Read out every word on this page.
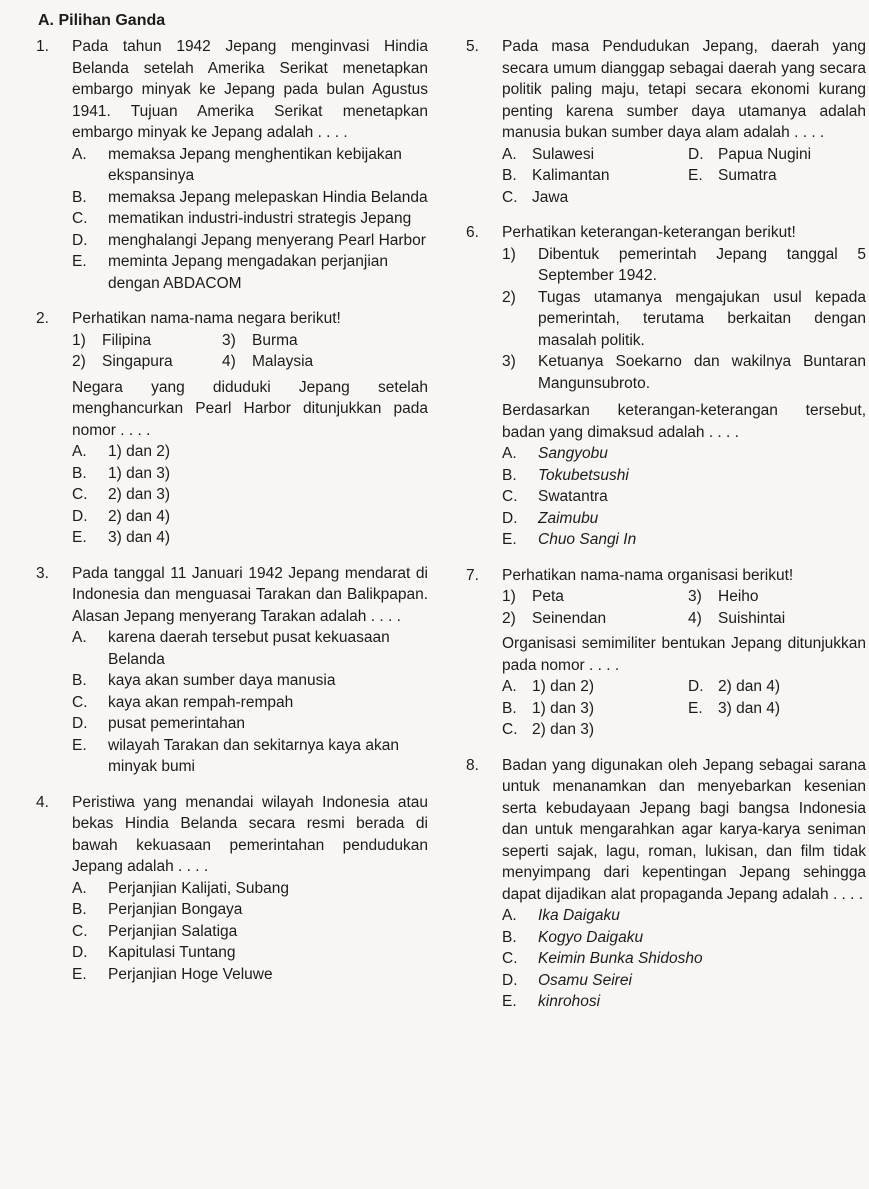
A. Pilihan Ganda
1.	Pada tahun 1942 Jepang menginvasi Hindia Belanda setelah Amerika Serikat menetapkan embargo minyak ke Jepang pada bulan Agustus 1941. Tujuan Amerika Serikat menetapkan embargo minyak ke Jepang adalah . . . .
A.	memaksa Jepang menghentikan kebijakan ekspansinya
B.	memaksa Jepang melepaskan Hindia Belanda
C.	mematikan industri-industri strategis Jepang
D.	menghalangi Jepang menyerang Pearl Harbor
E.	meminta Jepang mengadakan perjanjian dengan ABDACOM
2.	Perhatikan nama-nama negara berikut!
1)	Filipina	3)	Burma
2)	Singapura	4)	Malaysia
Negara yang diduduki Jepang setelah menghancurkan Pearl Harbor ditunjukkan pada nomor . . . .
A.	1) dan 2)
B.	1) dan 3)
C.	2) dan 3)
D.	2) dan 4)
E.	3) dan 4)
3.	Pada tanggal 11 Januari 1942 Jepang mendarat di Indonesia dan menguasai Tarakan dan Balikpapan. Alasan Jepang menyerang Tarakan adalah . . . .
A.	karena daerah tersebut pusat kekuasaan Belanda
B.	kaya akan sumber daya manusia
C.	kaya akan rempah-rempah
D.	pusat pemerintahan
E.	wilayah Tarakan dan sekitarnya kaya akan minyak bumi
4.	Peristiwa yang menandai wilayah Indonesia atau bekas Hindia Belanda secara resmi berada di bawah kekuasaan pemerintahan pendudukan Jepang adalah . . . .
A.	Perjanjian Kalijati, Subang
B.	Perjanjian Bongaya
C.	Perjanjian Salatiga
D.	Kapitulasi Tuntang
E.	Perjanjian Hoge Veluwe
5.	Pada masa Pendudukan Jepang, daerah yang secara umum dianggap sebagai daerah yang secara politik paling maju, tetapi secara ekonomi kurang penting karena sumber daya utamanya adalah manusia bukan sumber daya alam adalah . . . .
A. Sulawesi	D. Papua Nugini
B. Kalimantan	E. Sumatra
C. Jawa
6.	Perhatikan keterangan-keterangan berikut!
1)	Dibentuk pemerintah Jepang tanggal 5 September 1942.
2)	Tugas utamanya mengajukan usul kepada pemerintah, terutama berkaitan dengan masalah politik.
3)	Ketuanya Soekarno dan wakilnya Buntaran Mangunsubroto.
Berdasarkan keterangan-keterangan tersebut, badan yang dimaksud adalah . . . .
A.	Sangyobu
B.	Tokubetsushi
C.	Swatantra
D.	Zaimubu
E.	Chuo Sangi In
7.	Perhatikan nama-nama organisasi berikut!
1)	Peta	3)	Heiho
2)	Seinendan	4)	Suishintai
Organisasi semimiliter bentukan Jepang ditunjukkan pada nomor . . . .
A. 1) dan 2)	D. 2) dan 4)
B. 1) dan 3)	E. 3) dan 4)
C. 2) dan 3)
8.	Badan yang digunakan oleh Jepang sebagai sarana untuk menanamkan dan menyebarkan kesenian serta kebudayaan Jepang bagi bangsa Indonesia dan untuk mengarahkan agar karya-karya seniman seperti sajak, lagu, roman, lukisan, dan film tidak menyimpang dari kepentingan Jepang sehingga dapat dijadikan alat propaganda Jepang adalah . . . .
A.	Ika Daigaku
B.	Kogyo Daigaku
C.	Keimin Bunka Shidosho
D.	Osamu Seirei
E.	kinrohosi
